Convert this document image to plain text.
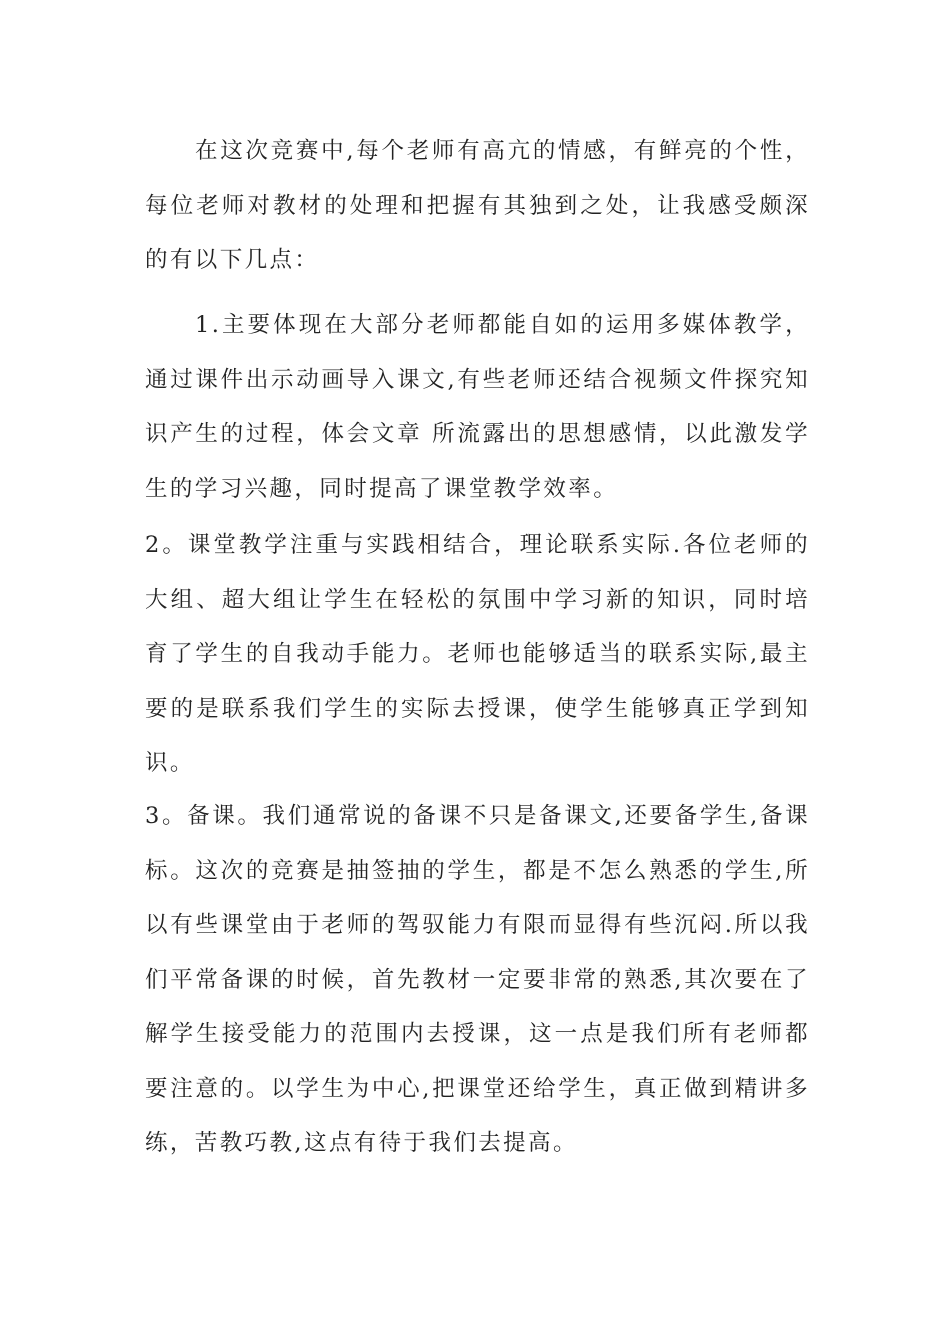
在这次竞赛中,每个老师有高亢的情感，有鲜亮的个性，每位老师对教材的处理和把握有其独到之处，让我感受颇深的有以下几点：

1.主要体现在大部分老师都能自如的运用多媒体教学，通过课件出示动画导入课文,有些老师还结合视频文件探究知识产生的过程，体会文章 所流露出的思想感情，以此激发学生的学习兴趣，同时提高了课堂教学效率。

2。课堂教学注重与实践相结合，理论联系实际.各位老师的大组、超大组让学生在轻松的氛围中学习新的知识，同时培育了学生的自我动手能力。老师也能够适当的联系实际,最主要的是联系我们学生的实际去授课，使学生能够真正学到知识。

3。备课。我们通常说的备课不只是备课文,还要备学生,备课标。这次的竞赛是抽签抽的学生，都是不怎么熟悉的学生,所以有些课堂由于老师的驾驭能力有限而显得有些沉闷.所以我们平常备课的时候，首先教材一定要非常的熟悉,其次要在了解学生接受能力的范围内去授课，这一点是我们所有老师都要注意的。以学生为中心,把课堂还给学生，真正做到精讲多练，苦教巧教,这点有待于我们去提高。
